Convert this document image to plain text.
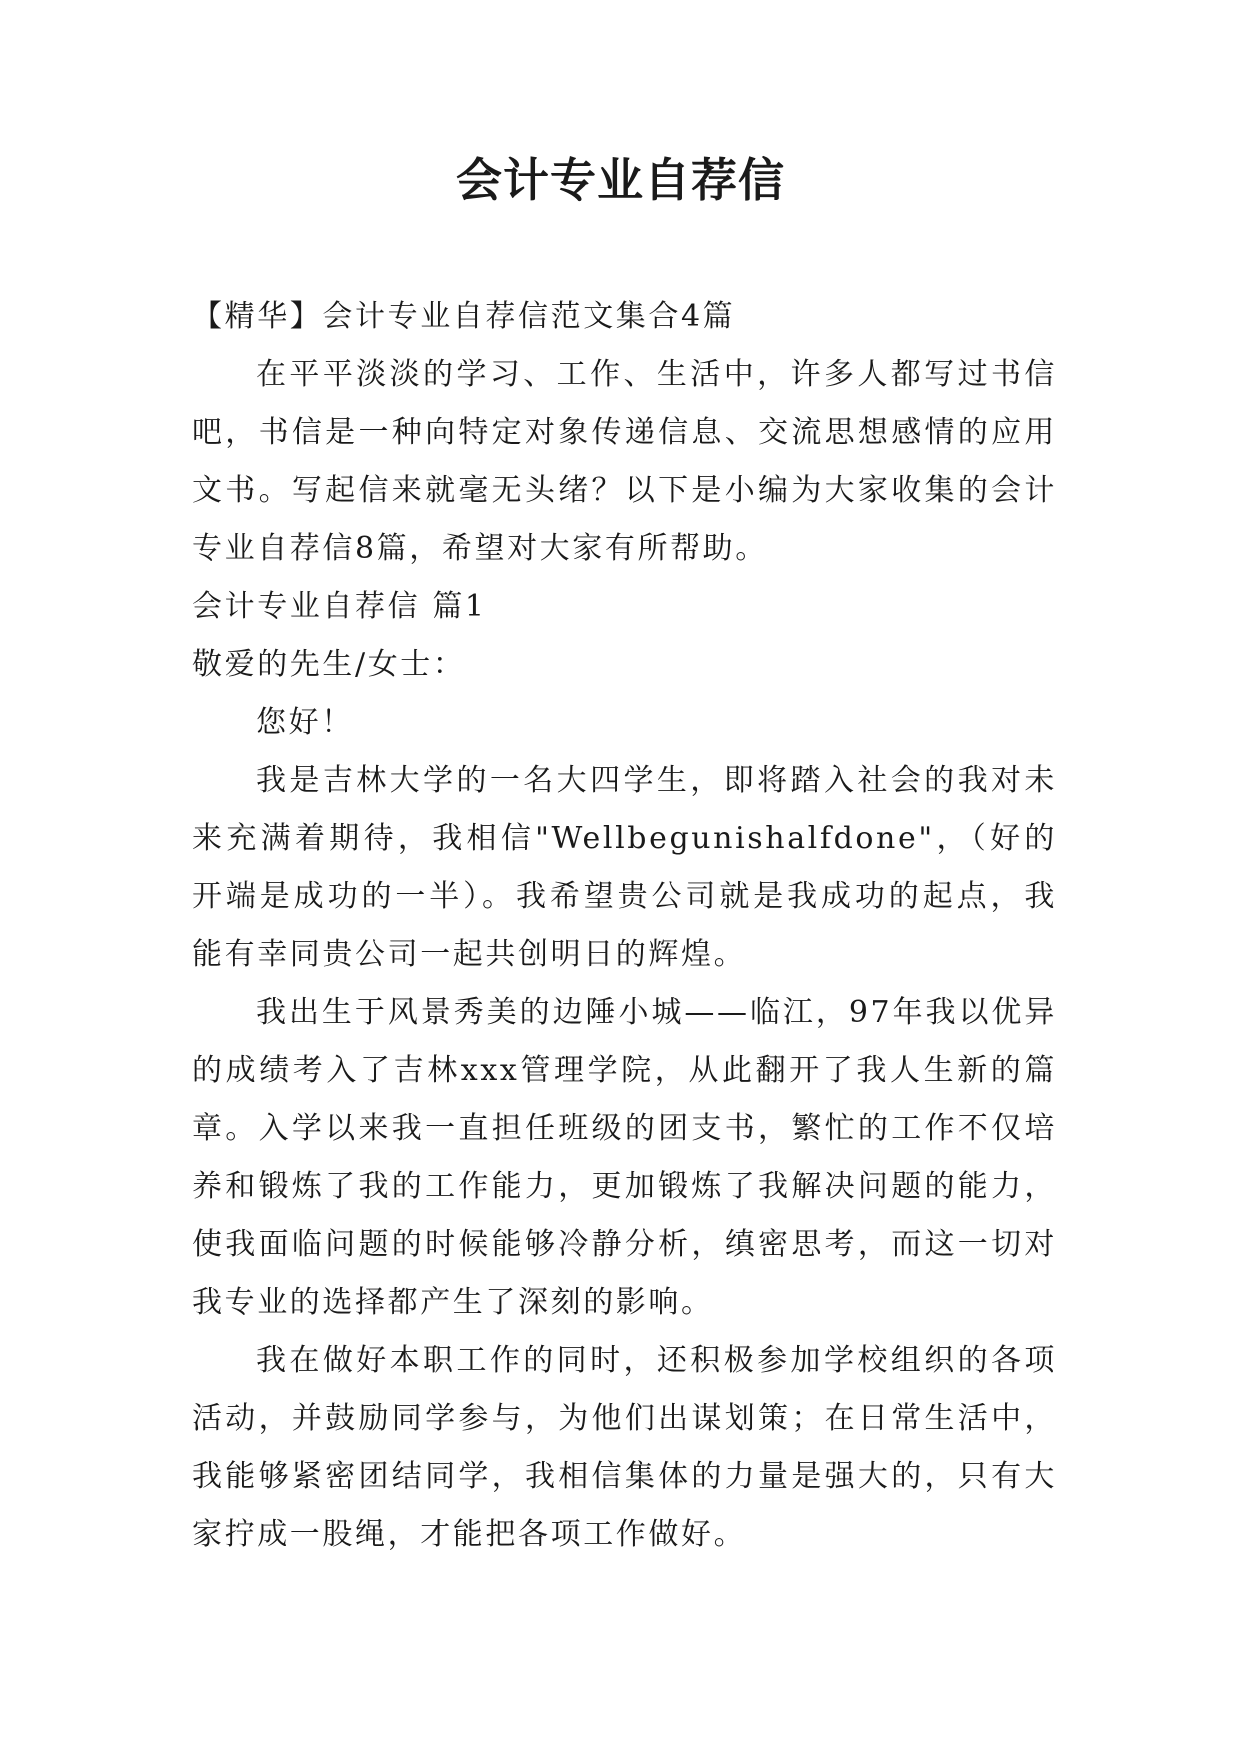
会计专业自荐信

【精华】会计专业自荐信范文集合4篇

在平平淡淡的学习、工作、生活中，许多人都写过书信吧，书信是一种向特定对象传递信息、交流思想感情的应用文书。写起信来就毫无头绪？以下是小编为大家收集的会计专业自荐信8篇，希望对大家有所帮助。

会计专业自荐信 篇1

敬爱的先生/女士：

您好！

我是吉林大学的一名大四学生，即将踏入社会的我对未来充满着期待，我相信"Wellbegunishalfdone"，（好的开端是成功的一半）。我希望贵公司就是我成功的起点，我能有幸同贵公司一起共创明日的辉煌。

我出生于风景秀美的边陲小城——临江，97年我以优异的成绩考入了吉林xxx管理学院，从此翻开了我人生新的篇章。入学以来我一直担任班级的团支书，繁忙的工作不仅培养和锻炼了我的工作能力，更加锻炼了我解决问题的能力，使我面临问题的时候能够冷静分析，缜密思考，而这一切对我专业的选择都产生了深刻的影响。

我在做好本职工作的同时，还积极参加学校组织的各项活动，并鼓励同学参与，为他们出谋划策；在日常生活中，我能够紧密团结同学，我相信集体的力量是强大的，只有大家拧成一股绳，才能把各项工作做好。
